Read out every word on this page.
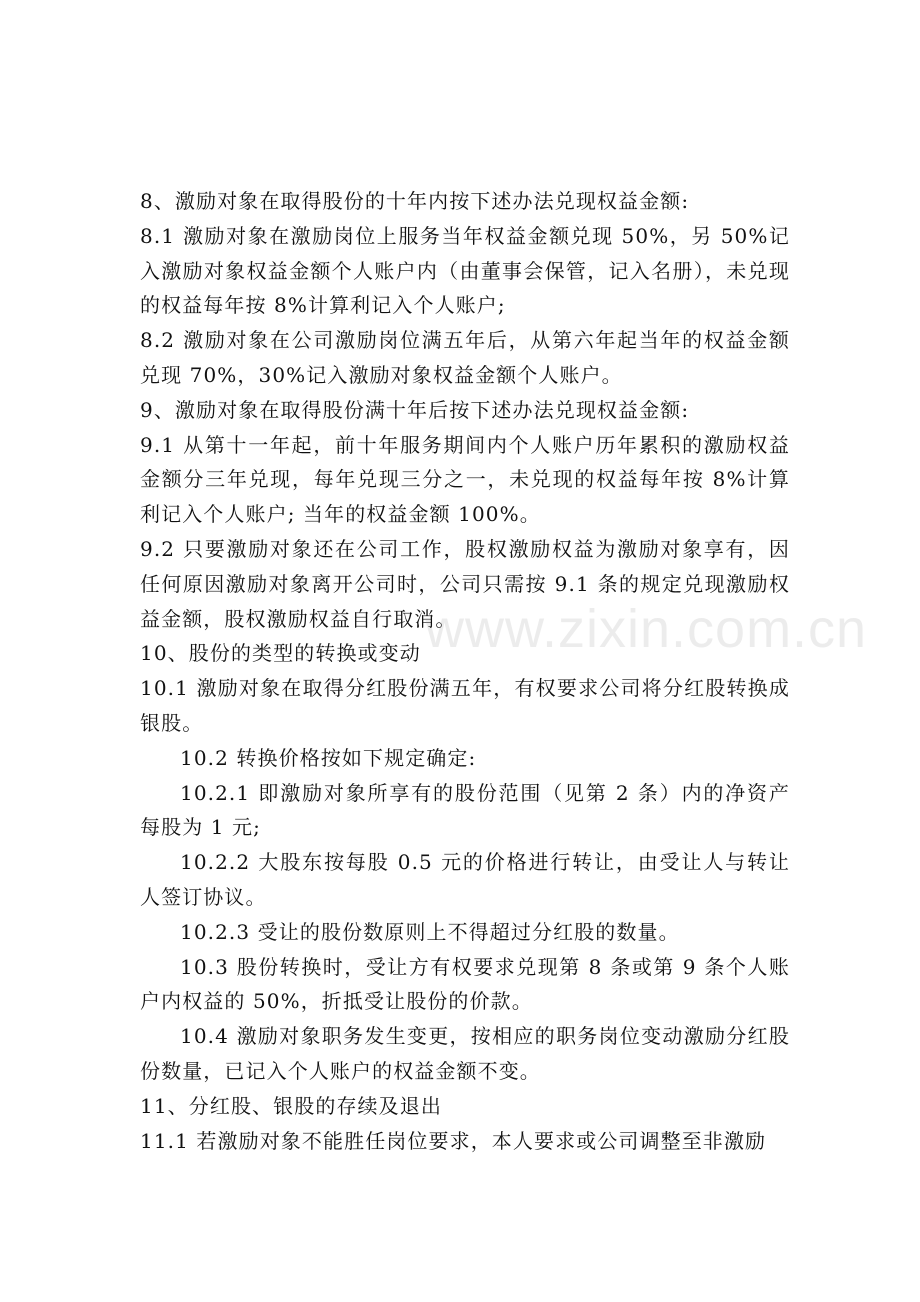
8、激励对象在取得股份的十年内按下述办法兑现权益金额:

8.1 激励对象在激励岗位上服务当年权益金额兑现 50%，另 50%记入激励对象权益金额个人账户内（由董事会保管，记入名册），未兑现的权益每年按 8%计算利记入个人账户;

8.2 激励对象在公司激励岗位满五年后，从第六年起当年的权益金额兑现 70%，30%记入激励对象权益金额个人账户。

9、激励对象在取得股份满十年后按下述办法兑现权益金额:

9.1 从第十一年起，前十年服务期间内个人账户历年累积的激励权益金额分三年兑现，每年兑现三分之一，未兑现的权益每年按 8%计算利记入个人账户; 当年的权益金额 100%。

9.2 只要激励对象还在公司工作，股权激励权益为激励对象享有，因任何原因激励对象离开公司时，公司只需按 9.1 条的规定兑现激励权益金额，股权激励权益自行取消。

10、股份的类型的转换或变动

10.1 激励对象在取得分红股份满五年，有权要求公司将分红股转换成银股。

10.2 转换价格按如下规定确定:

10.2.1 即激励对象所享有的股份范围（见第 2 条）内的净资产每股为 1 元;

10.2.2 大股东按每股 0.5 元的价格进行转让，由受让人与转让人签订协议。

10.2.3 受让的股份数原则上不得超过分红股的数量。

10.3 股份转换时，受让方有权要求兑现第 8 条或第 9 条个人账户内权益的 50%，折抵受让股份的价款。

10.4 激励对象职务发生变更，按相应的职务岗位变动激励分红股份数量，已记入个人账户的权益金额不变。

11、分红股、银股的存续及退出

11.1 若激励对象不能胜任岗位要求，本人要求或公司调整至非激励

www.zixin.com.cn
